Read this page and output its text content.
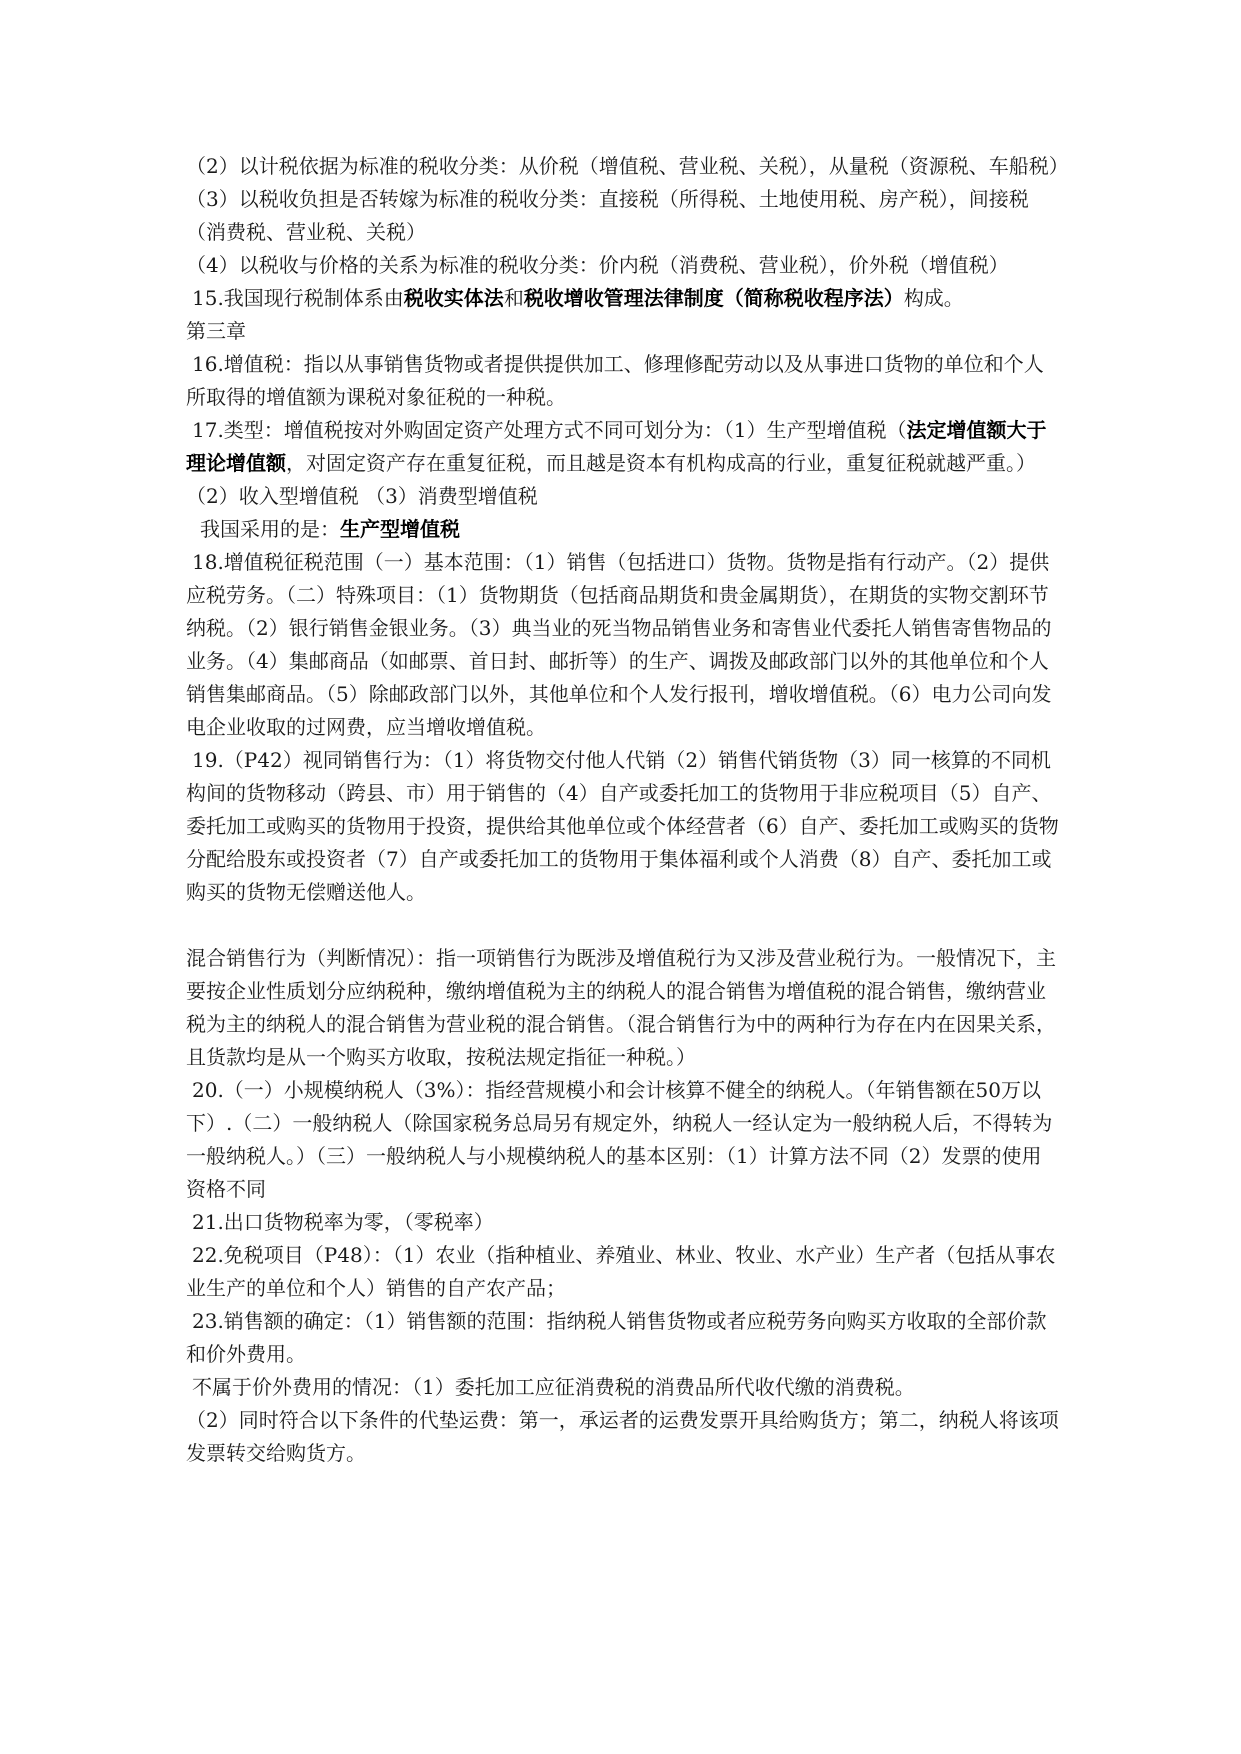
（2）以计税依据为标准的税收分类：从价税（增值税、营业税、关税），从量税（资源税、车船税）

（3）以税收负担是否转嫁为标准的税收分类：直接税（所得税、土地使用税、房产税），间接税（消费税、营业税、关税）

（4）以税收与价格的关系为标准的税收分类：价内税（消费税、营业税），价外税（增值税）

15.我国现行税制体系由税收实体法和税收增收管理法律制度（简称税收程序法）构成。

第三章

16.增值税：指以从事销售货物或者提供提供加工、修理修配劳动以及从事进口货物的单位和个人所取得的增值额为课税对象征税的一种税。

17.类型：增值税按对外购固定资产处理方式不同可划分为：（1）生产型增值税（法定增值额大于理论增值额，对固定资产存在重复征税，而且越是资本有机构成高的行业，重复征税就越严重。）（2）收入型增值税 （3）消费型增值税

我国采用的是：生产型增值税

18.增值税征税范围（一）基本范围：（1）销售（包括进口）货物。货物是指有行动产。（2）提供应税劳务。（二）特殊项目：（1）货物期货（包括商品期货和贵金属期货），在期货的实物交割环节纳税。（2）银行销售金银业务。（3）典当业的死当物品销售业务和寄售业代委托人销售寄售物品的业务。（4）集邮商品（如邮票、首日封、邮折等）的生产、调拨及邮政部门以外的其他单位和个人销售集邮商品。（5）除邮政部门以外，其他单位和个人发行报刊，增收增值税。（6）电力公司向发电企业收取的过网费，应当增收增值税。

19.（P42）视同销售行为：（1）将货物交付他人代销（2）销售代销货物（3）同一核算的不同机构间的货物移动（跨县、市）用于销售的（4）自产或委托加工的货物用于非应税项目（5）自产、委托加工或购买的货物用于投资，提供给其他单位或个体经营者（6）自产、委托加工或购买的货物分配给股东或投资者（7）自产或委托加工的货物用于集体福利或个人消费（8）自产、委托加工或购买的货物无偿赠送他人。

混合销售行为（判断情况）：指一项销售行为既涉及增值税行为又涉及营业税行为。一般情况下，主要按企业性质划分应纳税种，缴纳增值税为主的纳税人的混合销售为增值税的混合销售，缴纳营业税为主的纳税人的混合销售为营业税的混合销售。（混合销售行为中的两种行为存在内在因果关系，且货款均是从一个购买方收取，按税法规定指征一种税。）

20.（一）小规模纳税人（3%）：指经营规模小和会计核算不健全的纳税人。（年销售额在50万以下）.（二）一般纳税人（除国家税务总局另有规定外，纳税人一经认定为一般纳税人后，不得转为一般纳税人。）（三）一般纳税人与小规模纳税人的基本区别：（1）计算方法不同（2）发票的使用资格不同

21.出口货物税率为零，（零税率）

22.免税项目（P48）：（1）农业（指种植业、养殖业、林业、牧业、水产业）生产者（包括从事农业生产的单位和个人）销售的自产农产品；

23.销售额的确定：（1）销售额的范围：指纳税人销售货物或者应税劳务向购买方收取的全部价款和价外费用。

不属于价外费用的情况：（1）委托加工应征消费税的消费品所代收代缴的消费税。

（2）同时符合以下条件的代垫运费：第一，承运者的运费发票开具给购货方；第二，纳税人将该项发票转交给购货方。
